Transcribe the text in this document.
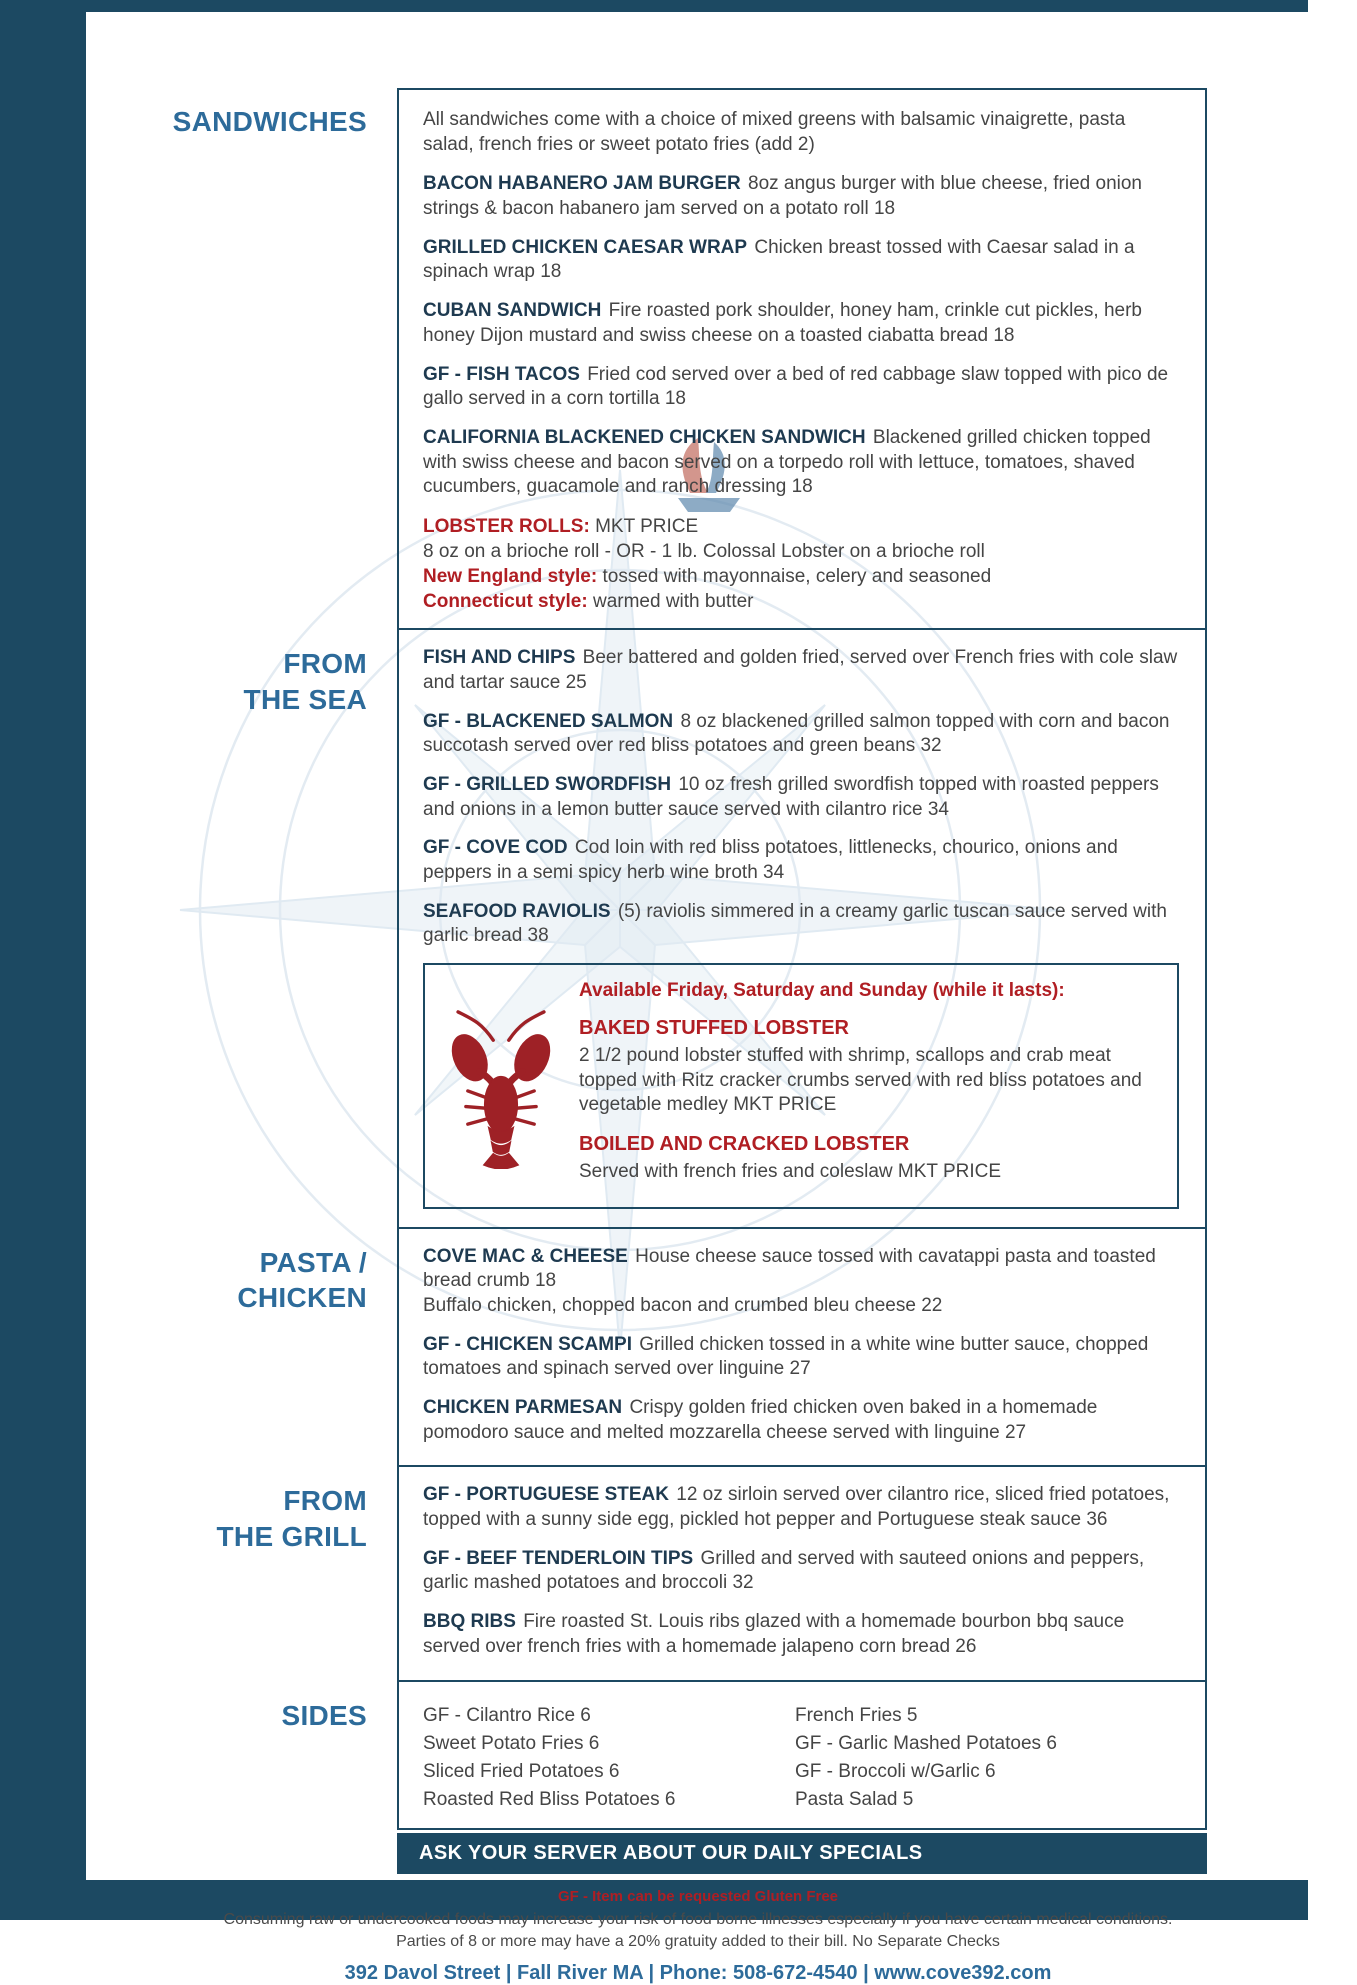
SANDWICHES	All sandwiches come with a choice of mixed greens with balsamic vinaigrette, pasta salad, french fries or sweet potato fries (add 2)

BACON HABANERO JAM BURGER 8oz angus burger with blue cheese, fried onion strings & bacon habanero jam served on a potato roll 18

GRILLED CHICKEN CAESAR WRAP Chicken breast tossed with Caesar salad in a spinach wrap 18

CUBAN SANDWICH Fire roasted pork shoulder, honey ham, crinkle cut pickles, herb honey Dijon mustard and swiss cheese on a toasted ciabatta bread 18

GF - FISH TACOS Fried cod served over a bed of red cabbage slaw topped with pico de gallo served in a corn tortilla 18

CALIFORNIA BLACKENED CHICKEN SANDWICH Blackened grilled chicken topped with swiss cheese and bacon served on a torpedo roll with lettuce, tomatoes, shaved cucumbers, guacamole and ranch dressing 18

LOBSTER ROLLS: MKT PRICE

8 oz on a brioche roll - OR - 1 lb. Colossal Lobster on a brioche roll

New England style: tossed with mayonnaise, celery and seasoned

Connecticut style: warmed with butter

FROM
THE SEA

FISH AND CHIPS Beer battered and golden fried, served over French fries with cole slaw and tartar sauce 25

GF - BLACKENED SALMON 8 oz blackened grilled salmon topped with corn and bacon succotash served over red bliss potatoes and green beans 32

GF - GRILLED SWORDFISH 10 oz fresh grilled swordfish topped with roasted peppers and onions in a lemon butter sauce served with cilantro rice 34

GF - COVE COD Cod loin with red bliss potatoes, littlenecks, chourico, onions and peppers in a semi spicy herb wine broth 34

SEAFOOD RAVIOLIS (5) raviolis simmered in a creamy garlic tuscan sauce served with garlic bread 38

Available Friday, Saturday and Sunday (while it lasts):

BAKED STUFFED LOBSTER

2 1/2 pound lobster stuffed with shrimp, scallops and crab meat topped with Ritz cracker crumbs served with red bliss potatoes and vegetable medley MKT PRICE

BOILED AND CRACKED LOBSTER

Served with french fries and coleslaw MKT PRICE

PASTA /
CHICKEN

COVE MAC & CHEESE House cheese sauce tossed with cavatappi pasta and toasted bread crumb 18
Buffalo chicken, chopped bacon and crumbed bleu cheese 22

GF - CHICKEN SCAMPI Grilled chicken tossed in a white wine butter sauce, chopped tomatoes and spinach served over linguine 27

CHICKEN PARMESAN Crispy golden fried chicken oven baked in a homemade pomodoro sauce and melted mozzarella cheese served with linguine 27

FROM
THE GRILL

GF - PORTUGUESE STEAK 12 oz sirloin served over cilantro rice, sliced fried potatoes, topped with a sunny side egg, pickled hot pepper and Portuguese steak sauce 36

GF - BEEF TENDERLOIN TIPS Grilled and served with sauteed onions and peppers, garlic mashed potatoes and broccoli 32

BBQ RIBS Fire roasted St. Louis ribs glazed with a homemade bourbon bbq sauce served over french fries with a homemade jalapeno corn bread 26

SIDES	GF - Cilantro Rice 6
Sweet Potato Fries 6
Sliced Fried Potatoes 6
Roasted Red Bliss Potatoes 6
French Fries 5
GF - Garlic Mashed Potatoes 6
GF - Broccoli w/Garlic 6
Pasta Salad 5
ASK YOUR SERVER ABOUT OUR DAILY SPECIALS
GF - Item can be requested Gluten Free
Consuming raw or undercooked foods may increase your risk of food borne illnesses especially if you have certain medical conditions.
Parties of 8 or more may have a 20% gratuity added to their bill. No Separate Checks
392 Davol Street | Fall River MA | Phone: 508-672-4540 | www.cove392.com
